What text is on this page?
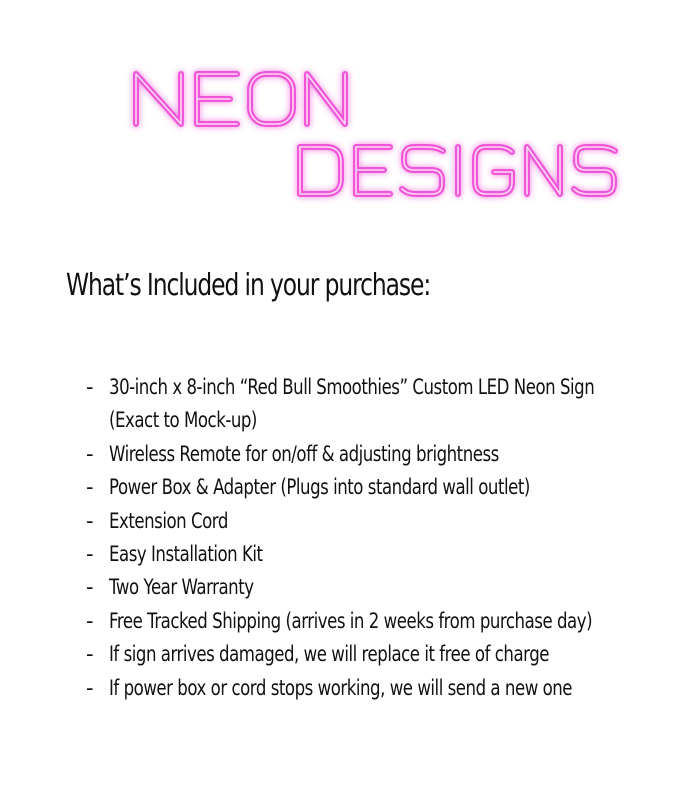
What’s Included in your purchase:
- 30-inch x 8-inch “Red Bull Smoothies” Custom LED Neon Sign
(Exact to Mock-up)
- Wireless Remote for on/off & adjusting brightness
- Power Box & Adapter (Plugs into standard wall outlet)
- Extension Cord
- Easy Installation Kit
- Two Year Warranty
- Free Tracked Shipping (arrives in 2 weeks from purchase day)
- If sign arrives damaged, we will replace it free of charge
- If power box or cord stops working, we will send a new one
